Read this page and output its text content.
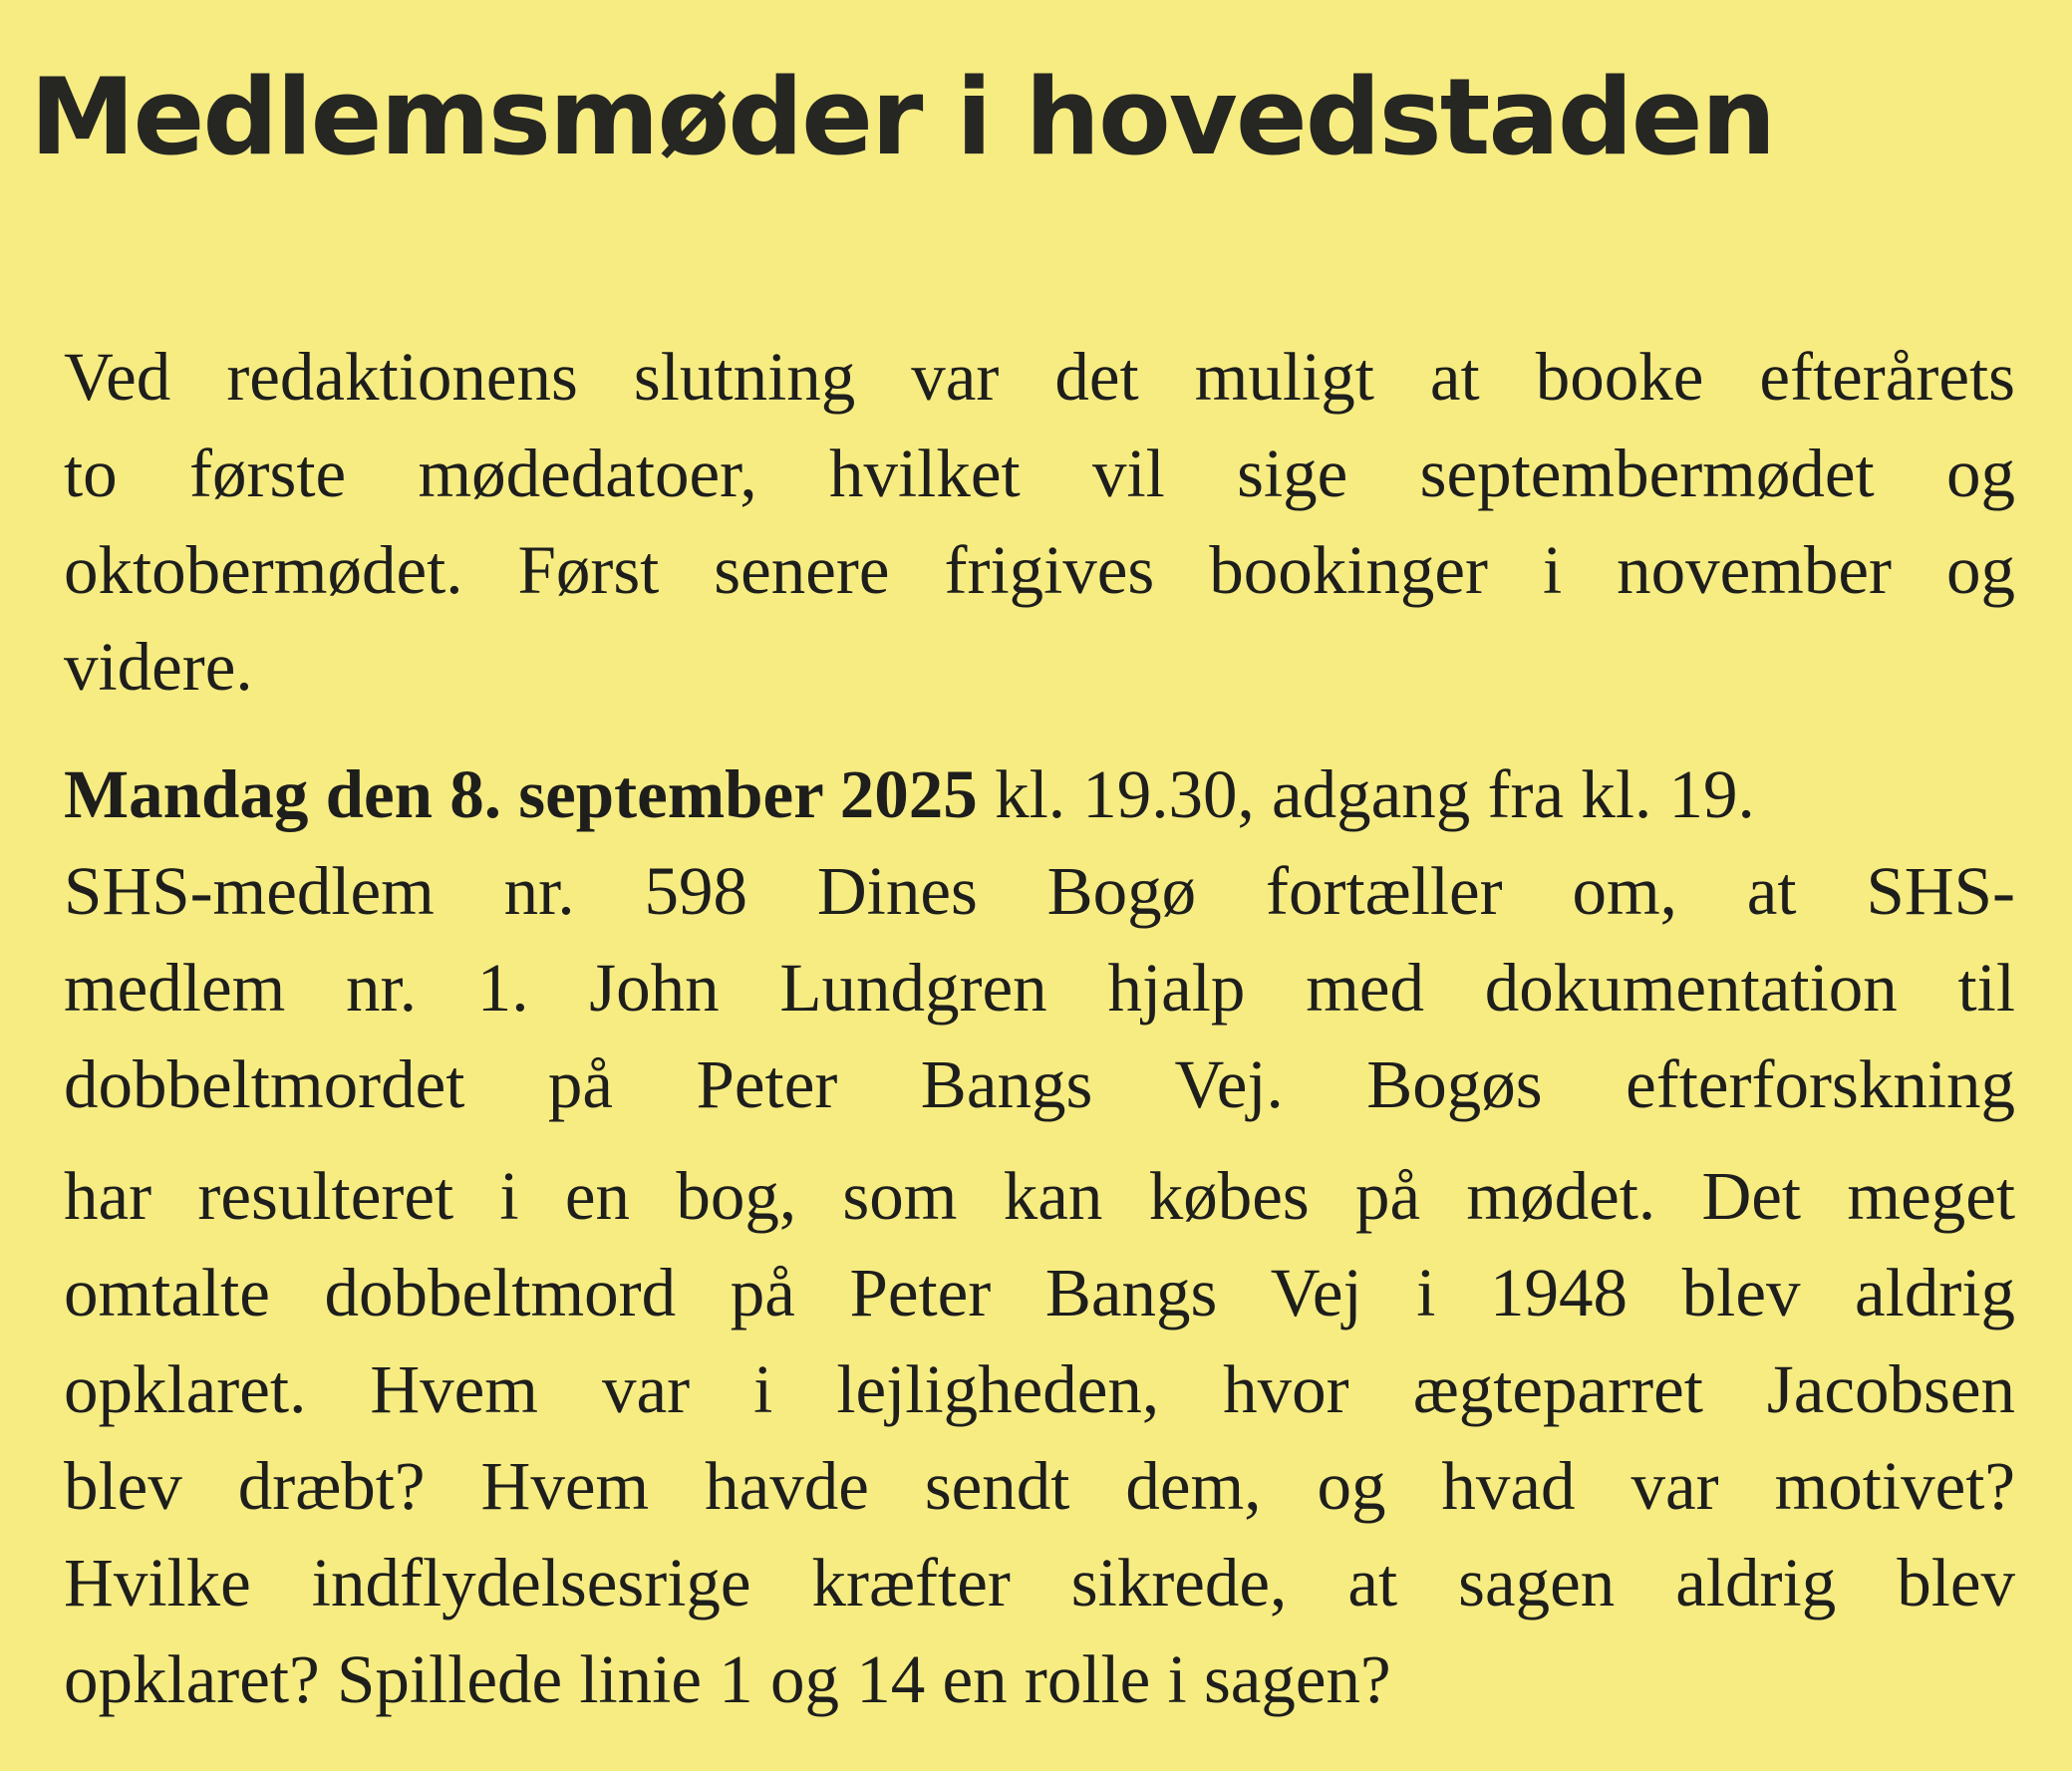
Medlemsmøder i hovedstaden
Ved redaktionens slutning var det muligt at booke efterårets
to første mødedatoer, hvilket vil sige septembermødet og
oktobermødet. Først senere frigives bookinger i november og
videre.
Mandag den 8. september 2025 kl. 19.30, adgang fra kl. 19.
SHS-medlem nr. 598 Dines Bogø fortæller om, at SHS-
medlem nr. 1. John Lundgren hjalp med dokumentation til
dobbeltmordet på Peter Bangs Vej. Bogøs efterforskning
har resulteret i en bog, som kan købes på mødet. Det meget
omtalte dobbeltmord på Peter Bangs Vej i 1948 blev aldrig
opklaret. Hvem var i lejligheden, hvor ægteparret Jacobsen
blev dræbt? Hvem havde sendt dem, og hvad var motivet?
Hvilke indflydelsesrige kræfter sikrede, at sagen aldrig blev
opklaret? Spillede linie 1 og 14 en rolle i sagen?
